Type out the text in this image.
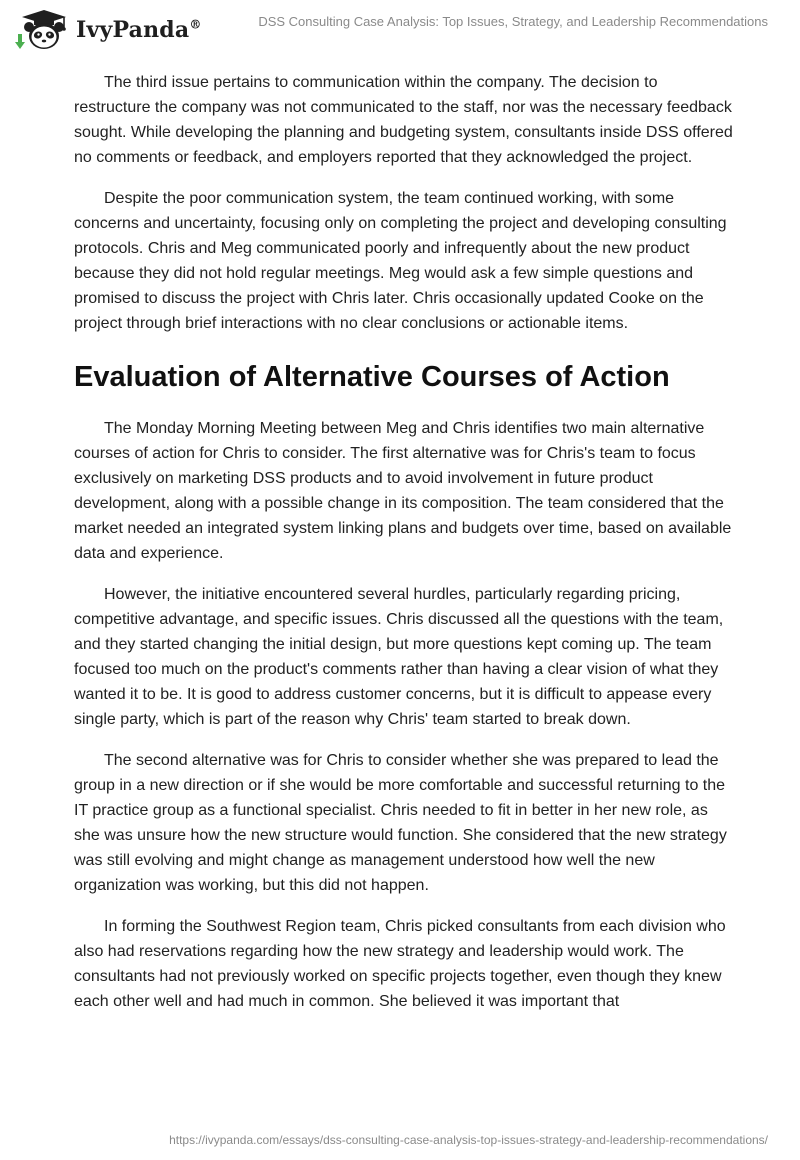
IvyPanda®	DSS Consulting Case Analysis: Top Issues, Strategy, and Leadership Recommendations

The third issue pertains to communication within the company. The decision to restructure the company was not communicated to the staff, nor was the necessary feedback sought. While developing the planning and budgeting system, consultants inside DSS offered no comments or feedback, and employers reported that they acknowledged the project.

Despite the poor communication system, the team continued working, with some concerns and uncertainty, focusing only on completing the project and developing consulting protocols. Chris and Meg communicated poorly and infrequently about the new product because they did not hold regular meetings. Meg would ask a few simple questions and promised to discuss the project with Chris later. Chris occasionally updated Cooke on the project through brief interactions with no clear conclusions or actionable items.

Evaluation of Alternative Courses of Action

The Monday Morning Meeting between Meg and Chris identifies two main alternative courses of action for Chris to consider. The first alternative was for Chris's team to focus exclusively on marketing DSS products and to avoid involvement in future product development, along with a possible change in its composition. The team considered that the market needed an integrated system linking plans and budgets over time, based on available data and experience.

However, the initiative encountered several hurdles, particularly regarding pricing, competitive advantage, and specific issues. Chris discussed all the questions with the team, and they started changing the initial design, but more questions kept coming up. The team focused too much on the product's comments rather than having a clear vision of what they wanted it to be. It is good to address customer concerns, but it is difficult to appease every single party, which is part of the reason why Chris' team started to break down.

The second alternative was for Chris to consider whether she was prepared to lead the group in a new direction or if she would be more comfortable and successful returning to the IT practice group as a functional specialist. Chris needed to fit in better in her new role, as she was unsure how the new structure would function. She considered that the new strategy was still evolving and might change as management understood how well the new organization was working, but this did not happen.

In forming the Southwest Region team, Chris picked consultants from each division who also had reservations regarding how the new strategy and leadership would work. The consultants had not previously worked on specific projects together, even though they knew each other well and had much in common. She believed it was important that

https://ivypanda.com/essays/dss-consulting-case-analysis-top-issues-strategy-and-leadership-recommendations/
